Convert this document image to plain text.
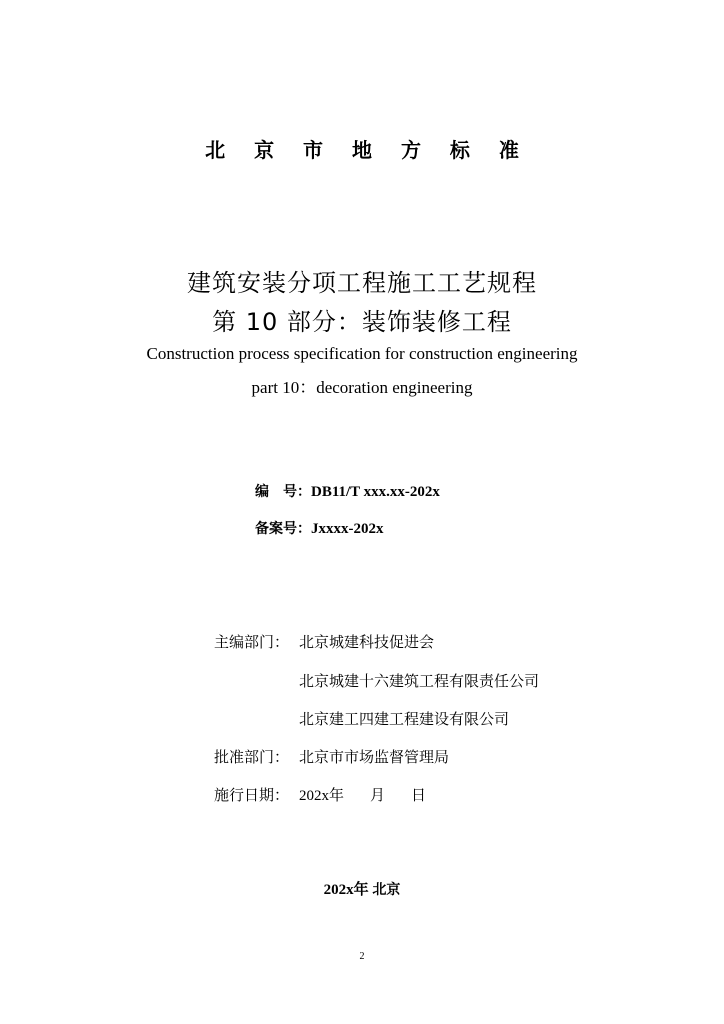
北 京 市 地 方 标 准
建筑安装分项工程施工工艺规程
第 10 部分：装饰装修工程
Construction process specification for construction engineering
part 10：decoration engineering
编　号：DB11/T xxx.xx-202x
备案号：Jxxxx-202x
主编部门： 北京城建科技促进会
北京城建十六建筑工程有限责任公司
北京建工四建工程建设有限公司
批准部门： 北京市市场监督管理局
施行日期： 202x年 月 日
202x年 北京
2
